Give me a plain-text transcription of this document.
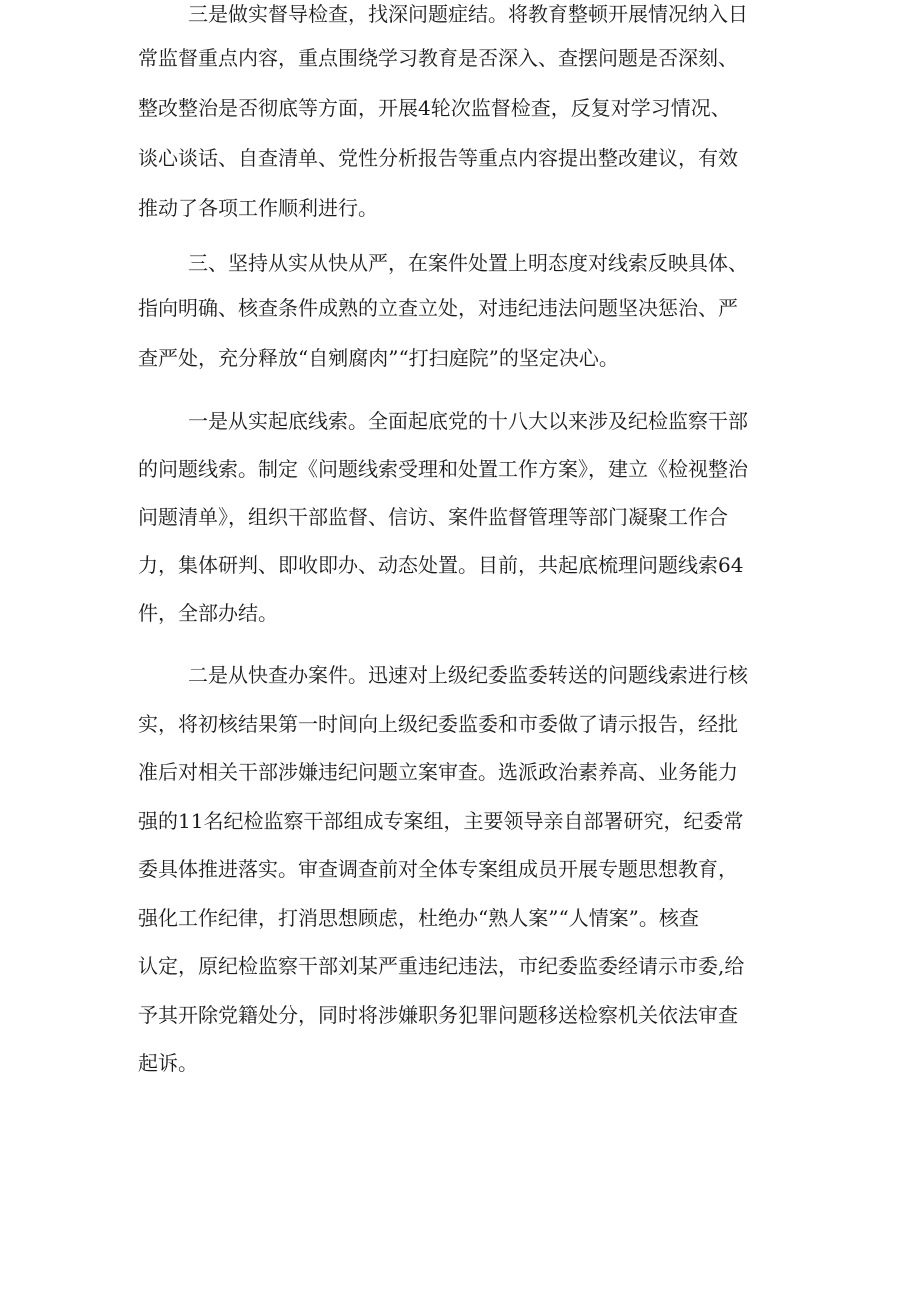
三是做实督导检查，找深问题症结。将教育整顿开展情况纳入日
常监督重点内容，重点围绕学习教育是否深入、查摆问题是否深刻、
整改整治是否彻底等方面，开展4轮次监督检查，反复对学习情况、
谈心谈话、自查清单、党性分析报告等重点内容提出整改建议，有效
推动了各项工作顺利进行。
三、坚持从实从快从严，在案件处置上明态度对线索反映具体、
指向明确、核查条件成熟的立查立处，对违纪违法问题坚决惩治、严
查严处，充分释放“自剜腐肉”“打扫庭院”的坚定决心。
一是从实起底线索。全面起底党的十八大以来涉及纪检监察干部
的问题线索。制定《问题线索受理和处置工作方案》，建立《检视整治
问题清单》，组织干部监督、信访、案件监督管理等部门凝聚工作合
力，集体研判、即收即办、动态处置。目前，共起底梳理问题线索64
件，全部办结。
二是从快查办案件。迅速对上级纪委监委转送的问题线索进行核
实，将初核结果第一时间向上级纪委监委和市委做了请示报告，经批
准后对相关干部涉嫌违纪问题立案审查。选派政治素养高、业务能力
强的11名纪检监察干部组成专案组，主要领导亲自部署研究，纪委常
委具体推进落实。审查调查前对全体专案组成员开展专题思想教育，
强化工作纪律，打消思想顾虑，杜绝办“熟人案”“人情案”。核查
认定，原纪检监察干部刘某严重违纪违法，市纪委监委经请示市委,给
予其开除党籍处分，同时将涉嫌职务犯罪问题移送检察机关依法审查
起诉。
